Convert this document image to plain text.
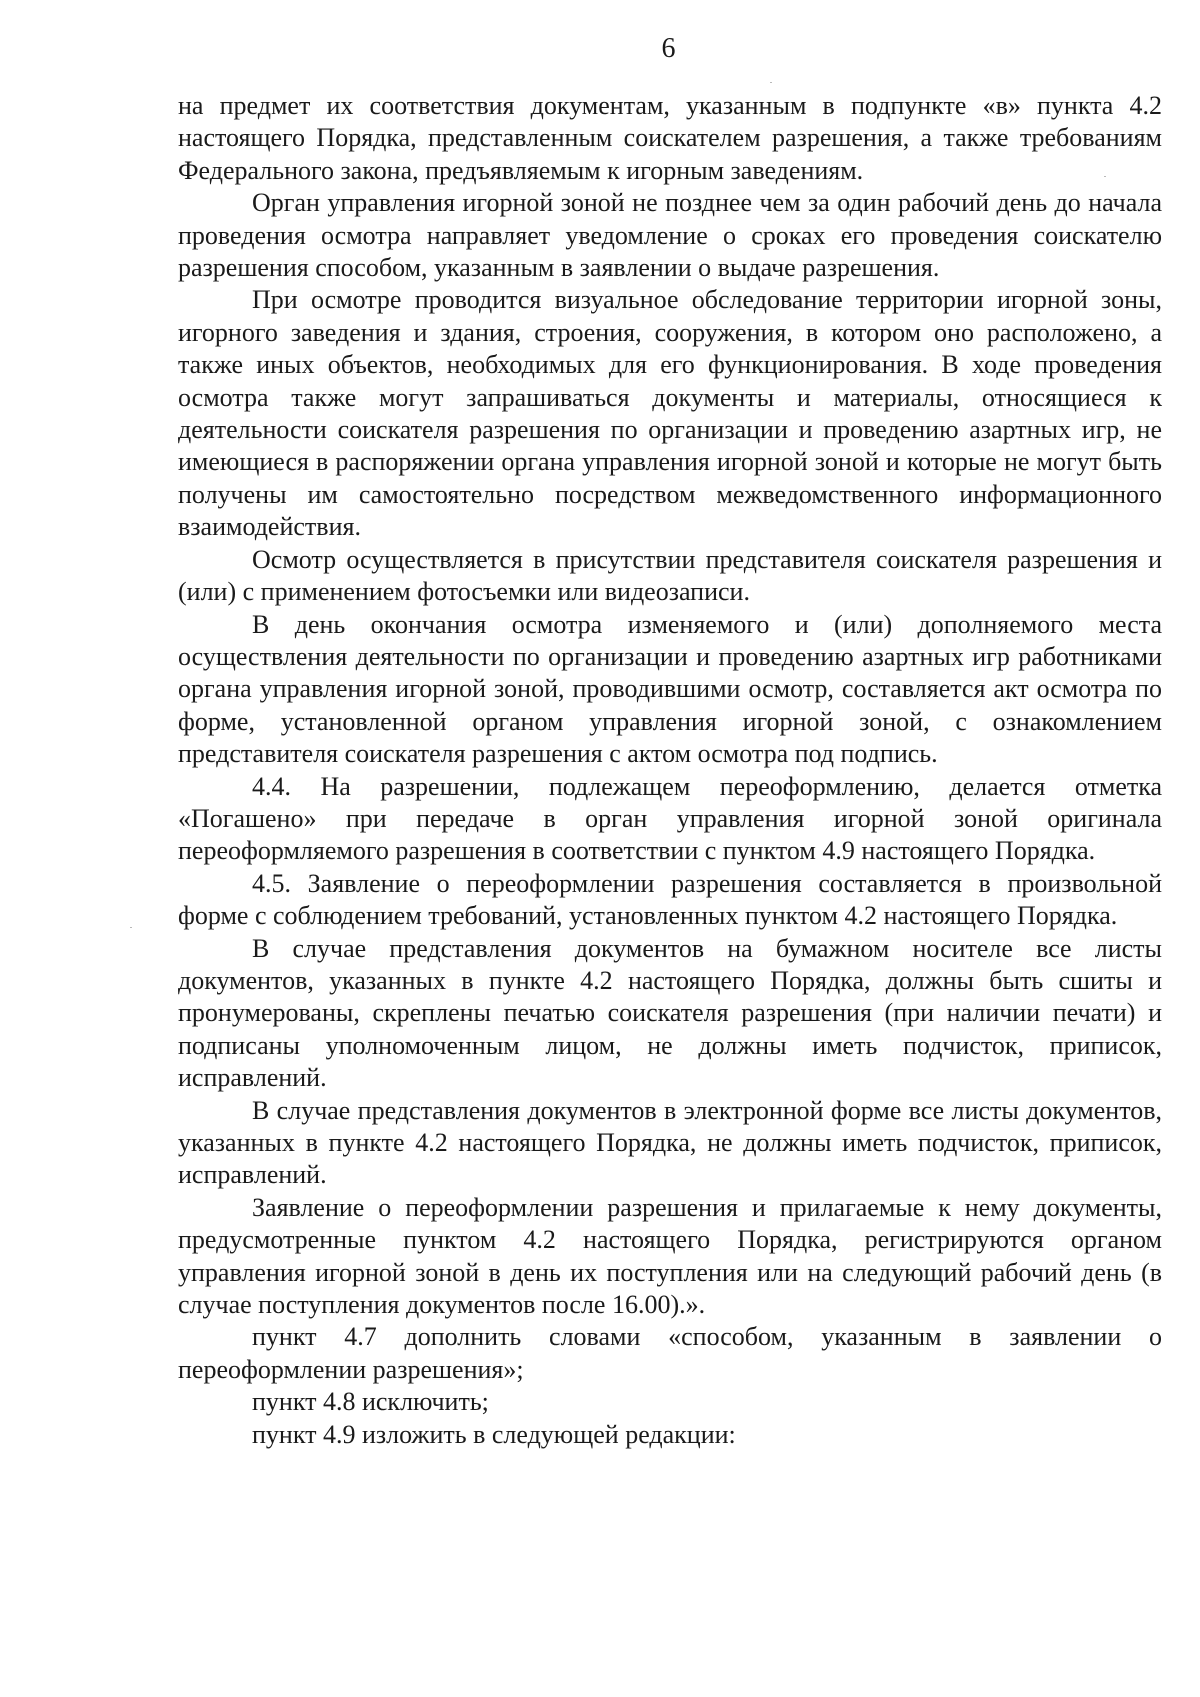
6

на предмет их соответствия документам, указанным в подпункте «в» пункта 4.2 настоящего Порядка, представленным соискателем разрешения, а также требованиям Федерального закона, предъявляемым к игорным заведениям.

Орган управления игорной зоной не позднее чем за один рабочий день до начала проведения осмотра направляет уведомление о сроках его проведения соискателю разрешения способом, указанным в заявлении о выдаче разрешения.

При осмотре проводится визуальное обследование территории игорной зоны, игорного заведения и здания, строения, сооружения, в котором оно расположено, а также иных объектов, необходимых для его функционирования. В ходе проведения осмотра также могут запрашиваться документы и материалы, относящиеся к деятельности соискателя разрешения по организации и проведению азартных игр, не имеющиеся в распоряжении органа управления игорной зоной и которые не могут быть получены им самостоятельно посредством межведомственного информационного взаимодействия.

Осмотр осуществляется в присутствии представителя соискателя разрешения и (или) с применением фотосъемки или видеозаписи.

В день окончания осмотра изменяемого и (или) дополняемого места осуществления деятельности по организации и проведению азартных игр работниками органа управления игорной зоной, проводившими осмотр, составляется акт осмотра по форме, установленной органом управления игорной зоной, с ознакомлением представителя соискателя разрешения с актом осмотра под подпись.

4.4. На разрешении, подлежащем переоформлению, делается отметка «Погашено» при передаче в орган управления игорной зоной оригинала переоформляемого разрешения в соответствии с пунктом 4.9 настоящего Порядка.

4.5. Заявление о переоформлении разрешения составляется в произвольной форме с соблюдением требований, установленных пунктом 4.2 настоящего Порядка.

В случае представления документов на бумажном носителе все листы документов, указанных в пункте 4.2 настоящего Порядка, должны быть сшиты и пронумерованы, скреплены печатью соискателя разрешения (при наличии печати) и подписаны уполномоченным лицом, не должны иметь подчисток, приписок, исправлений.

В случае представления документов в электронной форме все листы документов, указанных в пункте 4.2 настоящего Порядка, не должны иметь подчисток, приписок, исправлений.

Заявление о переоформлении разрешения и прилагаемые к нему документы, предусмотренные пунктом 4.2 настоящего Порядка, регистрируются органом управления игорной зоной в день их поступления или на следующий рабочий день (в случае поступления документов после 16.00).».

пункт 4.7 дополнить словами «способом, указанным в заявлении о переоформлении разрешения»;

пункт 4.8 исключить;

пункт 4.9 изложить в следующей редакции:
